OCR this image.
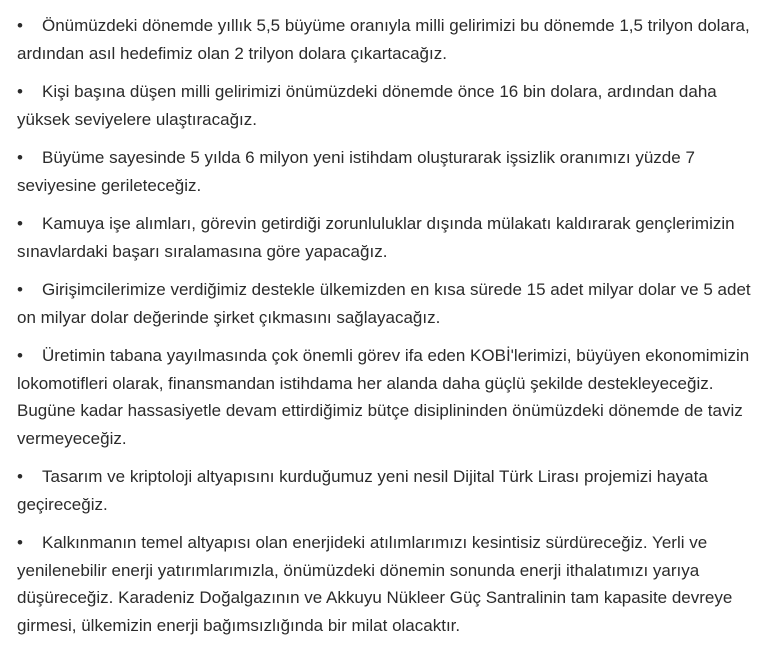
• Önümüzdeki dönemde yıllık 5,5 büyüme oranıyla milli gelirimizi bu dönemde 1,5 trilyon dolara, ardından asıl hedefimiz olan 2 trilyon dolara çıkartacağız.
• Kişi başına düşen milli gelirimizi önümüzdeki dönemde önce 16 bin dolara, ardından daha yüksek seviyelere ulaştıracağız.
• Büyüme sayesinde 5 yılda 6 milyon yeni istihdam oluşturarak işsizlik oranımızı yüzde 7 seviyesine gerileteceğiz.
• Kamuya işe alımları, görevin getirdiği zorunluluklar dışında mülakatı kaldırarak gençlerimizin sınavlardaki başarı sıralamasına göre yapacağız.
• Girişimcilerimize verdiğimiz destekle ülkemizden en kısa sürede 15 adet milyar dolar ve 5 adet on milyar dolar değerinde şirket çıkmasını sağlayacağız.
• Üretimin tabana yayılmasında çok önemli görev ifa eden KOBİ'lerimizi, büyüyen ekonomimizin lokomotifleri olarak, finansmandan istihdama her alanda daha güçlü şekilde destekleyeceğiz. Bugüne kadar hassasiyetle devam ettirdiğimiz bütçe disiplininden önümüzdeki dönemde de taviz vermeyeceğiz.
• Tasarım ve kriptoloji altyapısını kurduğumuz yeni nesil Dijital Türk Lirası projemizi hayata geçireceğiz.
• Kalkınmanın temel altyapısı olan enerjideki atılımlarımızı kesintisiz sürdüreceğiz. Yerli ve yenilenebilir enerji yatırımlarımızla, önümüzdeki dönemin sonunda enerji ithalatımızı yarıya düşüreceğiz. Karadeniz Doğalgazının ve Akkuyu Nükleer Güç Santralinin tam kapasite devreye girmesi, ülkemizin enerji bağımsızlığında bir milat olacaktır.
